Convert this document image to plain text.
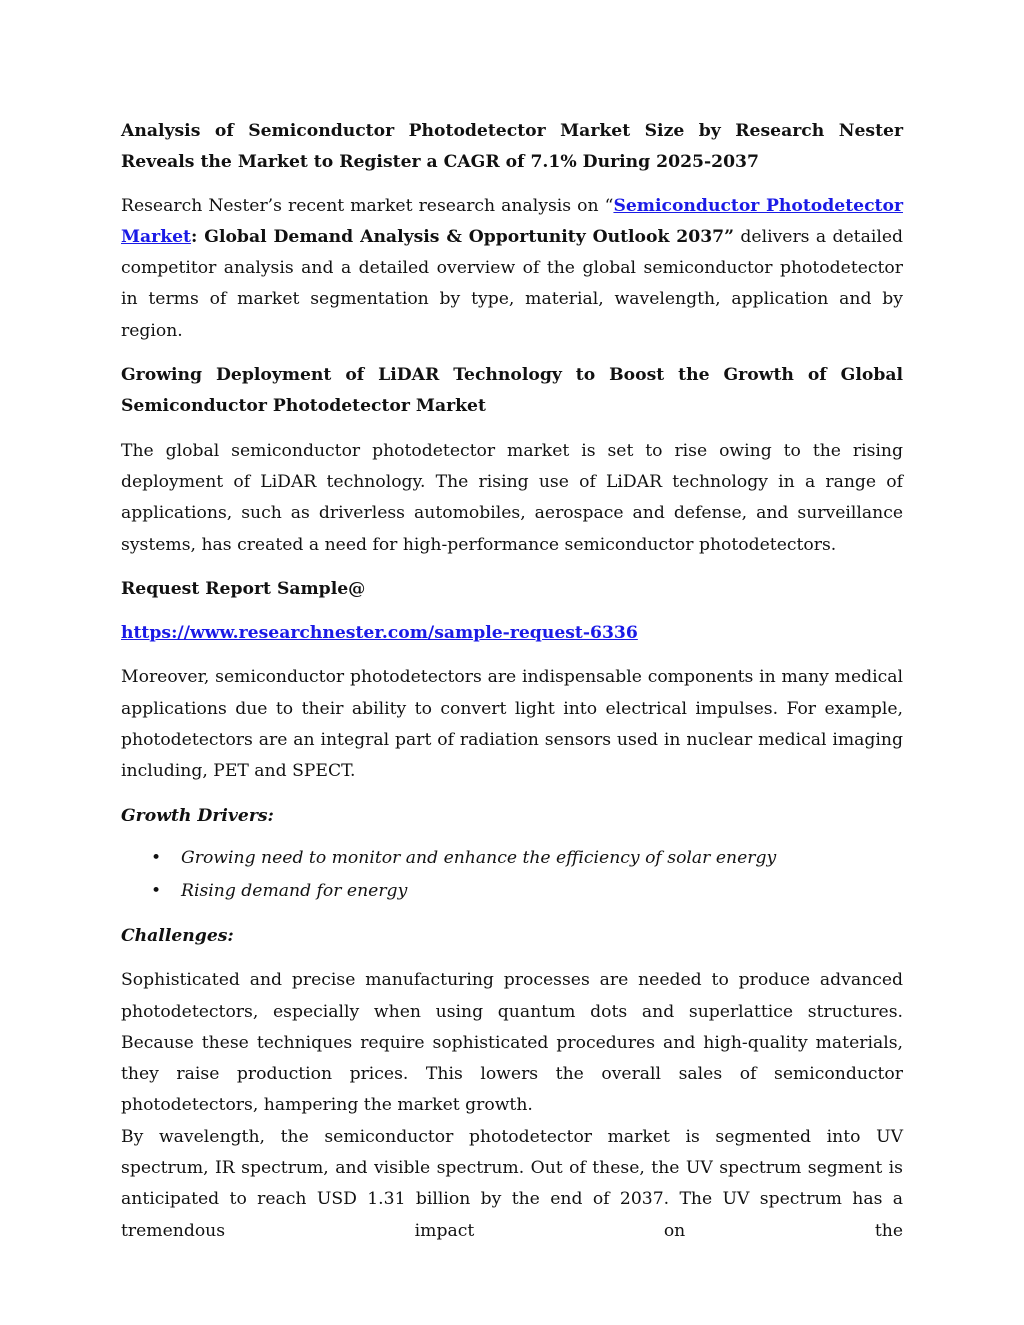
Analysis of Semiconductor Photodetector Market Size by Research Nester Reveals the Market to Register a CAGR of 7.1% During 2025-2037

Research Nester’s recent market research analysis on “Semiconductor Photodetector Market: Global Demand Analysis & Opportunity Outlook 2037” delivers a detailed competitor analysis and a detailed overview of the global semiconductor photodetector in terms of market segmentation by type, material, wavelength, application and by region.

Growing Deployment of LiDAR Technology to Boost the Growth of Global Semiconductor Photodetector Market

The global semiconductor photodetector market is set to rise owing to the rising deployment of LiDAR technology. The rising use of LiDAR technology in a range of applications, such as driverless automobiles, aerospace and defense, and surveillance systems, has created a need for high-performance semiconductor photodetectors.

Request Report Sample@

https://www.researchnester.com/sample-request-6336

Moreover, semiconductor photodetectors are indispensable components in many medical applications due to their ability to convert light into electrical impulses. For example, photodetectors are an integral part of radiation sensors used in nuclear medical imaging including, PET and SPECT.

Growth Drivers:

• Growing need to monitor and enhance the efficiency of solar energy
• Rising demand for energy

Challenges:

Sophisticated and precise manufacturing processes are needed to produce advanced photodetectors, especially when using quantum dots and superlattice structures. Because these techniques require sophisticated procedures and high-quality materials, they raise production prices. This lowers the overall sales of semiconductor photodetectors, hampering the market growth.

By wavelength, the semiconductor photodetector market is segmented into UV spectrum, IR spectrum, and visible spectrum. Out of these, the UV spectrum segment is anticipated to reach USD 1.31 billion by the end of 2037. The UV spectrum has a tremendous impact on the
